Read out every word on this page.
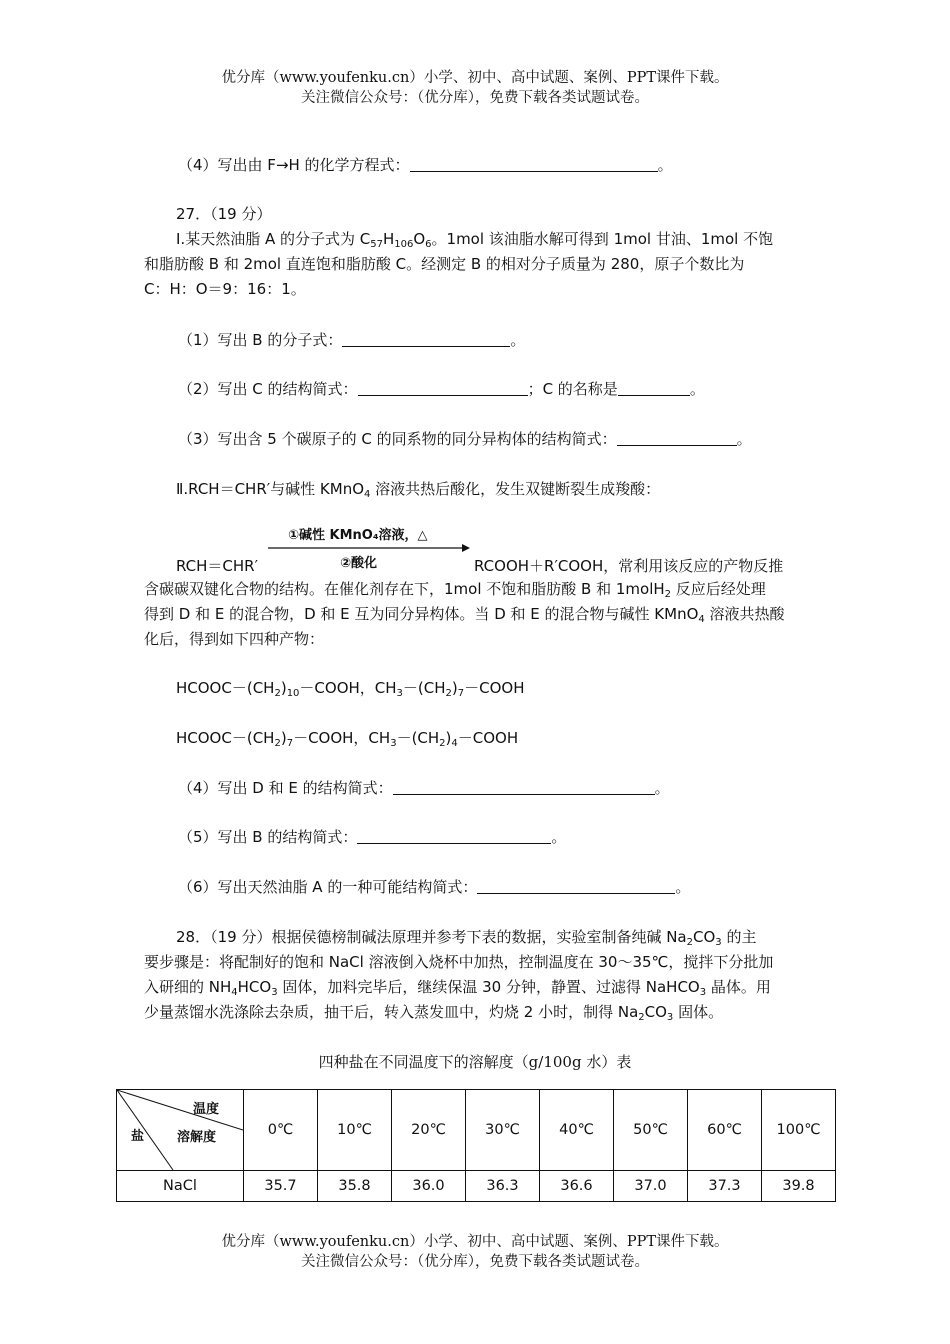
优分库（www.youfenku.cn）小学、初中、高中试题、案例、PPT课件下载。
关注微信公众号：（优分库），免费下载各类试题试卷。
（4）写出由 F→H 的化学方程式：	。
27．（19 分）
Ⅰ.某天然油脂 A 的分子式为 $C_{57}H_{106}O_6$。1mol 该油脂水解可得到 1mol 甘油、1mol 不饱
和脂肪酸 B 和 2mol 直连饱和脂肪酸 C。经测定 B 的相对分子质量为 280，原子个数比为
C：H：O＝9：16：1。
（1）写出 B 的分子式：	。
（2）写出 C 的结构简式：	；C 的名称是	。
（3）写出含 5 个碳原子的 C 的同系物的同分异构体的结构简式：	。
Ⅱ.RCH＝CHR′与碱性 KMnO$_4$ 溶液共热后酸化，发生双键断裂生成羧酸：
①碱性 KMnO₄溶液，△
②酸化
RCH＝CHR′	RCOOH＋R′COOH，常利用该反应的产物反推
含碳碳双键化合物的结构。在催化剂存在下，1mol 不饱和脂肪酸 B 和 1molH$_2$ 反应后经处理
得到 D 和 E 的混合物，D 和 E 互为同分异构体。当 D 和 E 的混合物与碱性 KMnO$_4$ 溶液共热酸
化后，得到如下四种产物：
$HCOOC-(CH_2)_{10}-COOH$，$CH_3-(CH_2)_7-COOH$
$HCOOC-(CH_2)_7-COOH$，$CH_3-(CH_2)_4-COOH$
（4）写出 D 和 E 的结构简式：	。
（5）写出 B 的结构简式：	。
（6）写出天然油脂 A 的一种可能结构简式：	。
28．（19 分）根据侯德榜制碱法原理并参考下表的数据，实验室制备纯碱 $Na_2CO_3$ 的主
要步骤是：将配制好的饱和 NaCl 溶液倒入烧杯中加热，控制温度在 30～35℃，搅拌下分批加
入研细的 $NH_4HCO_3$ 固体，加料完毕后，继续保温 30 分钟，静置、过滤得 NaHCO$_3$ 晶体。用
少量蒸馏水洗涤除去杂质，抽干后，转入蒸发皿中，灼烧 2 小时，制得 $Na_2CO_3$ 固体。
四种盐在不同温度下的溶解度（g/100g 水）表
温度
溶解度
盐	0℃	10℃	20℃	30℃	40℃	50℃	60℃	100℃
NaCl	35.7	35.8	36.0	36.3	36.6	37.0	37.3	39.8
优分库（www.youfenku.cn）小学、初中、高中试题、案例、PPT课件下载。
关注微信公众号：（优分库），免费下载各类试题试卷。
